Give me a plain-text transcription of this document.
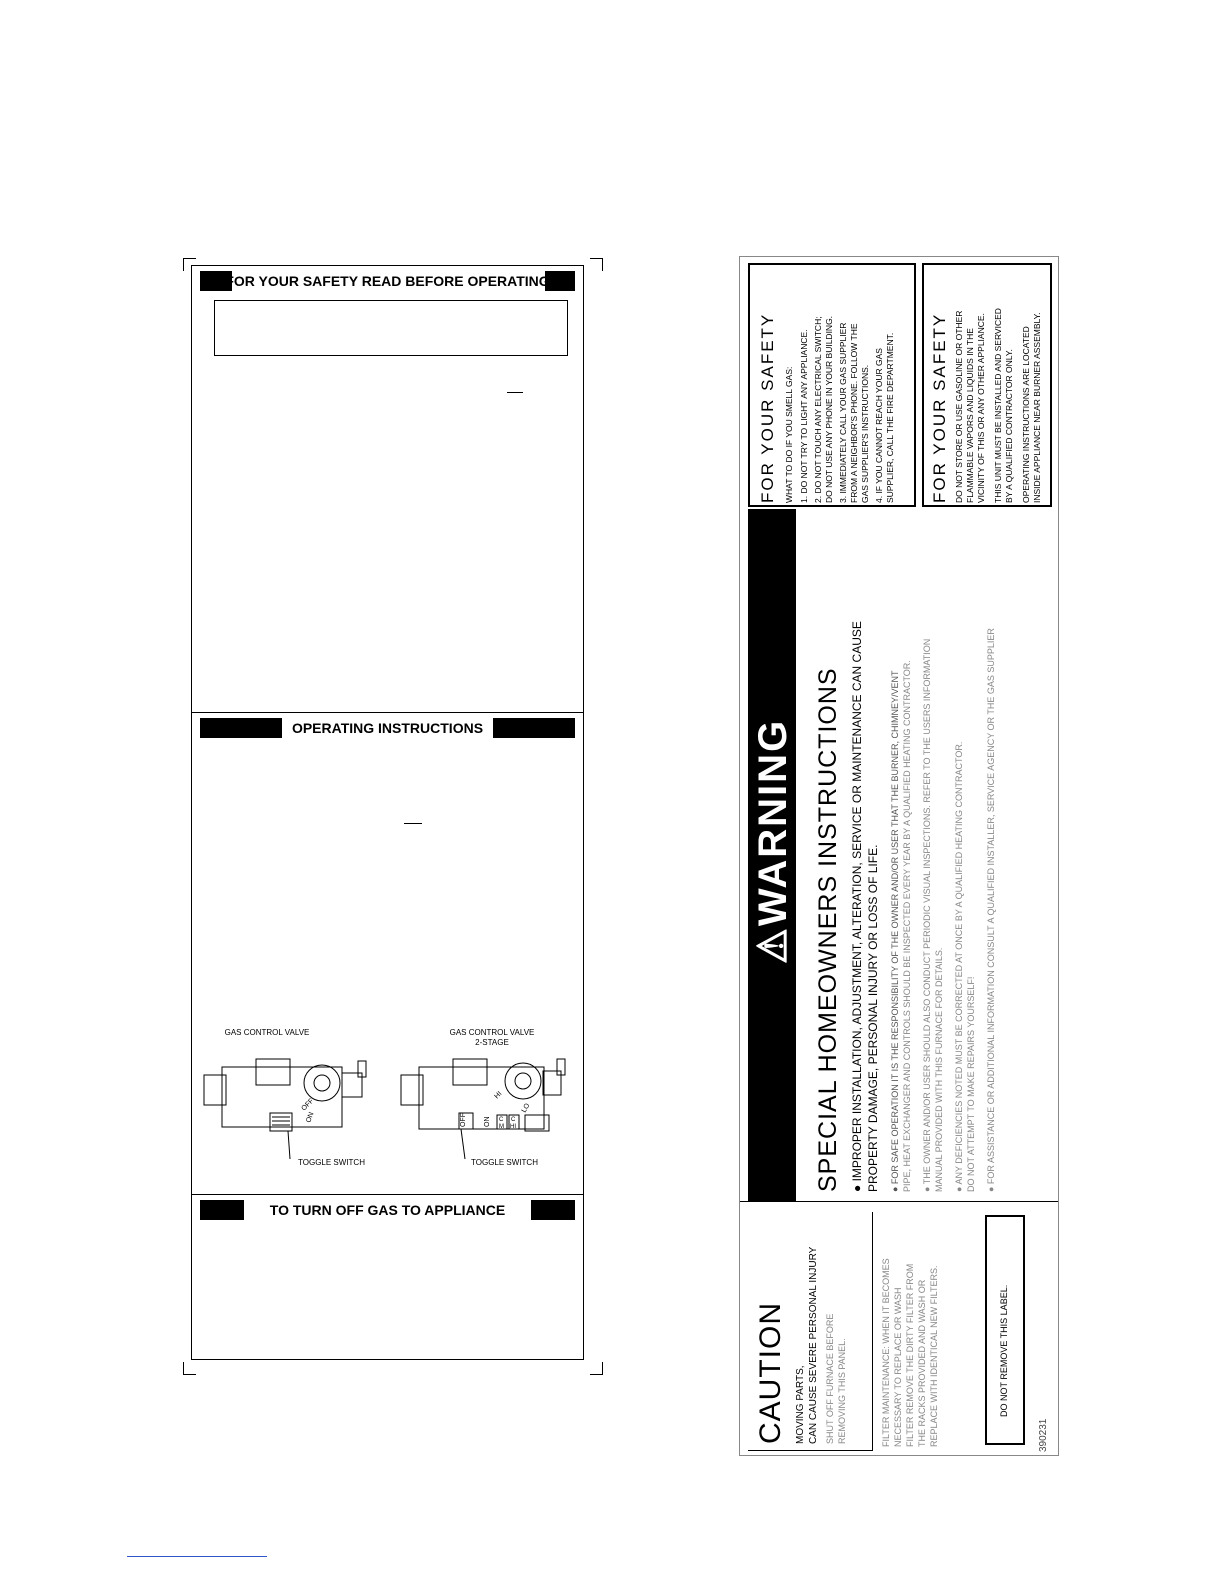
FOR YOUR SAFETY READ BEFORE OPERATING
OPERATING INSTRUCTIONS
GAS CONTROL VALVE
OFF
ON
TOGGLE SWITCH
GAS CONTROL VALVE
2-STAGE
HI
LO
OFF ON C
M
C
HI
TOGGLE SWITCH
TO TURN OFF GAS TO APPLIANCE
FOR YOUR SAFETY WHAT TO DO IF YOU SMELL GAS: 1. DO NOT TRY TO LIGHT ANY APPLIANCE. 2. DO NOT TOUCH ANY ELECTRICAL SWITCH; DO NOT USE ANY PHONE IN YOUR BUILDING. 3. IMMEDIATELY CALL YOUR GAS SUPPLIER FROM A NEIGHBOR'S PHONE. FOLLOW THE GAS SUPPLIER'S INSTRUCTIONS. 4. IF YOU CANNOT REACH YOUR GAS SUPPLIER, CALL THE FIRE DEPARTMENT. FOR YOUR SAFETY DO NOT STORE OR USE GASOLINE OR OTHER FLAMMABLE VAPORS AND LIQUIDS IN THE VICINITY OF THIS OR ANY OTHER APPLIANCE. THIS UNIT MUST BE INSTALLED AND SERVICED BY A QUALIFIED CONTRACTOR ONLY. OPERATING INSTRUCTIONS ARE LOCATED INSIDE APPLIANCE NEAR BURNER ASSEMBLY.
⚠WARNING SPECIAL HOMEOWNERS INSTRUCTIONS ● IMPROPER INSTALLATION, ADJUSTMENT, ALTERATION, SERVICE OR MAINTENANCE CAN CAUSE PROPERTY DAMAGE, PERSONAL INJURY OR LOSS OF LIFE. ● FOR SAFE OPERATION IT IS THE RESPONSIBILITY OF THE OWNER AND/OR USER THAT THE BURNER, CHIMNEY/VENT PIPE, HEAT EXCHANGER AND CONTROLS SHOULD BE INSPECTED EVERY YEAR BY A QUALIFIED HEATING CONTRACTOR. ● THE OWNER AND/OR USER SHOULD ALSO CONDUCT PERIODIC VISUAL INSPECTIONS. REFER TO THE USERS INFORMATION MANUAL PROVIDED WITH THIS FURNACE FOR DETAILS. ● ANY DEFICIENCIES NOTED MUST BE CORRECTED AT ONCE BY A QUALIFIED HEATING CONTRACTOR. DO NOT ATTEMPT TO MAKE REPAIRS YOURSELF! ● FOR ASSISTANCE OR ADDITIONAL INFORMATION CONSULT A QUALIFIED INSTALLER, SERVICE AGENCY OR THE GAS SUPPLIER
CAUTION MOVING PARTS, CAN CAUSE SEVERE PERSONAL INJURY SHUT OFF FURNACE BEFORE REMOVING THIS PANEL.	FILTER MAINTENANCE: WHEN IT BECOMES NECESSARY TO REPLACE OR WASH FILTER REMOVE THE DIRTY FILTER FROM THE RACKS PROVIDED AND WASH OR REPLACE WITH IDENTICAL NEW FILTERS.	DO NOT REMOVE THIS LABEL.
390231
